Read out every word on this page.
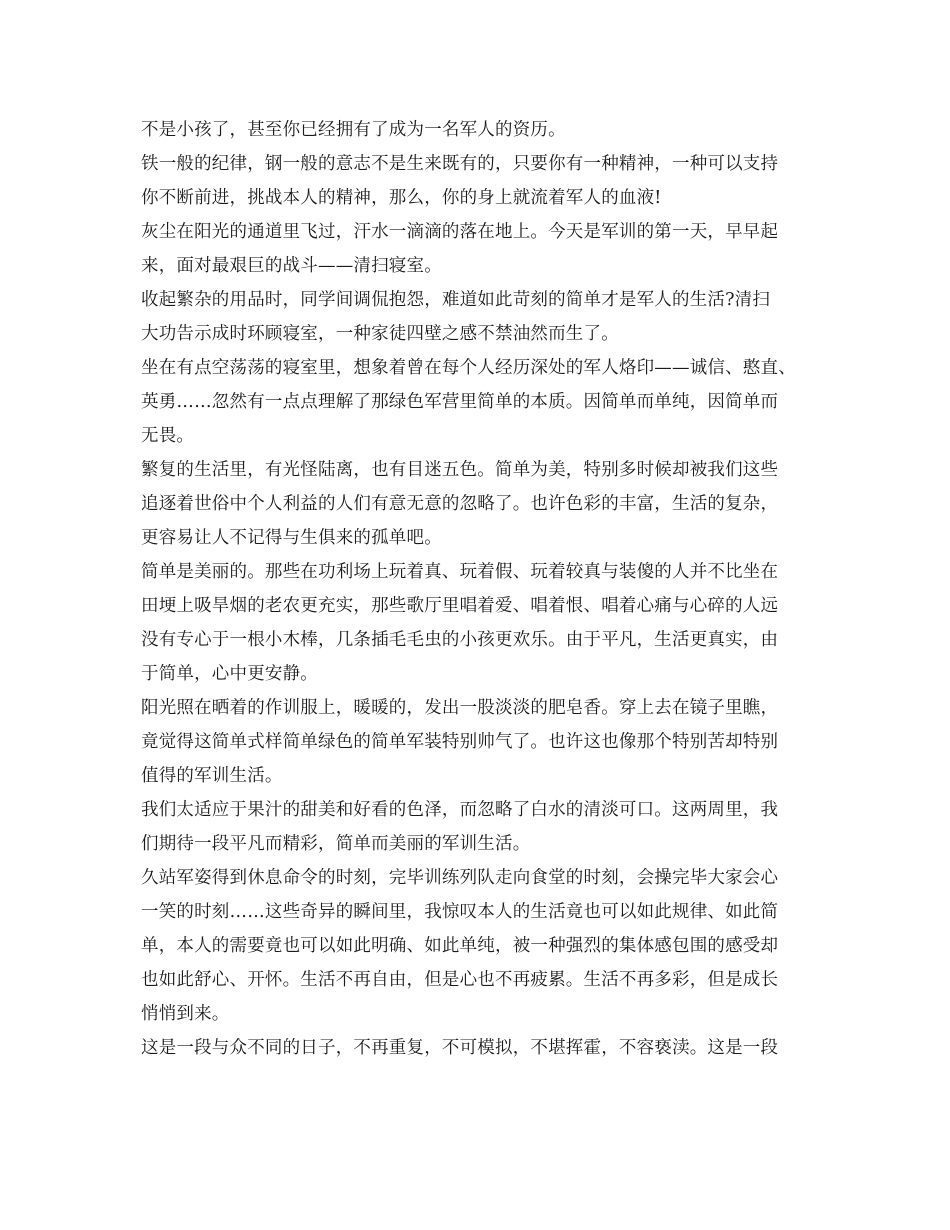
不是小孩了，甚至你已经拥有了成为一名军人的资历。
铁一般的纪律，钢一般的意志不是生来既有的，只要你有一种精神，一种可以支持
你不断前进，挑战本人的精神，那么，你的身上就流着军人的血液!
灰尘在阳光的通道里飞过，汗水一滴滴的落在地上。今天是军训的第一天，早早起
来，面对最艰巨的战斗——清扫寝室。
收起繁杂的用品时，同学间调侃抱怨，难道如此苛刻的简单才是军人的生活?清扫
大功告示成时环顾寝室，一种家徒四壁之感不禁油然而生了。
坐在有点空荡荡的寝室里，想象着曾在每个人经历深处的军人烙印——诚信、憨直、
英勇……忽然有一点点理解了那绿色军营里简单的本质。因简单而单纯，因简单而
无畏。
繁复的生活里，有光怪陆离，也有目迷五色。简单为美，特别多时候却被我们这些
追逐着世俗中个人利益的人们有意无意的忽略了。也许色彩的丰富，生活的复杂，
更容易让人不记得与生俱来的孤单吧。
简单是美丽的。那些在功利场上玩着真、玩着假、玩着较真与装傻的人并不比坐在
田埂上吸旱烟的老农更充实，那些歌厅里唱着爱、唱着恨、唱着心痛与心碎的人远
没有专心于一根小木棒，几条插毛毛虫的小孩更欢乐。由于平凡，生活更真实，由
于简单，心中更安静。
阳光照在晒着的作训服上，暖暖的，发出一股淡淡的肥皂香。穿上去在镜子里瞧，
竟觉得这简单式样简单绿色的简单军装特别帅气了。也许这也像那个特别苦却特别
值得的军训生活。
我们太适应于果汁的甜美和好看的色泽，而忽略了白水的清淡可口。这两周里，我
们期待一段平凡而精彩，简单而美丽的军训生活。
久站军姿得到休息命令的时刻，完毕训练列队走向食堂的时刻，会操完毕大家会心
一笑的时刻……这些奇异的瞬间里，我惊叹本人的生活竟也可以如此规律、如此简
单，本人的需要竟也可以如此明确、如此单纯，被一种强烈的集体感包围的感受却
也如此舒心、开怀。生活不再自由，但是心也不再疲累。生活不再多彩，但是成长
悄悄到来。
这是一段与众不同的日子，不再重复，不可模拟，不堪挥霍，不容亵渎。这是一段
